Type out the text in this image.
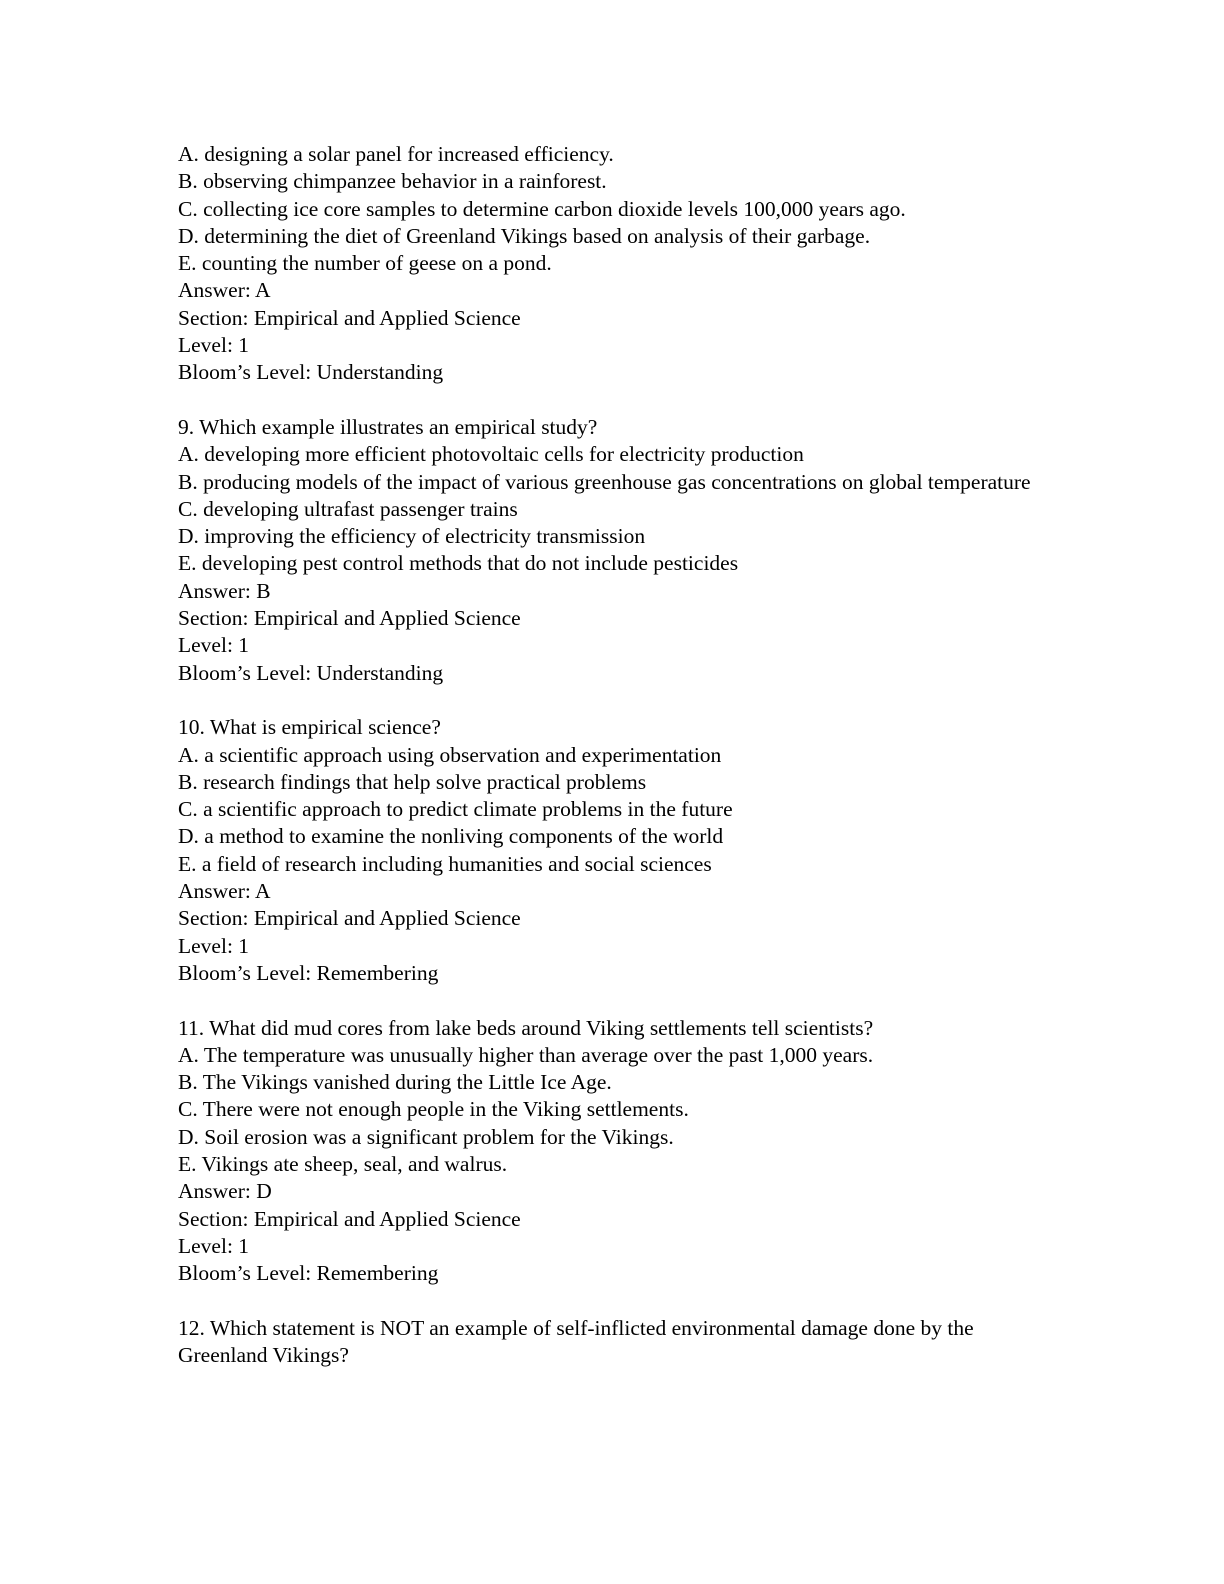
A. designing a solar panel for increased efficiency.

B. observing chimpanzee behavior in a rainforest.

C. collecting ice core samples to determine carbon dioxide levels 100,000 years ago.

D. determining the diet of Greenland Vikings based on analysis of their garbage.

E. counting the number of geese on a pond.

Answer: A

Section: Empirical and Applied Science

Level: 1

Bloom’s Level: Understanding

9. Which example illustrates an empirical study?

A. developing more efficient photovoltaic cells for electricity production

B. producing models of the impact of various greenhouse gas concentrations on global temperature

C. developing ultrafast passenger trains

D. improving the efficiency of electricity transmission

E. developing pest control methods that do not include pesticides

Answer: B

Section: Empirical and Applied Science

Level: 1

Bloom’s Level: Understanding

10. What is empirical science?

A. a scientific approach using observation and experimentation

B. research findings that help solve practical problems

C. a scientific approach to predict climate problems in the future

D. a method to examine the nonliving components of the world

E. a field of research including humanities and social sciences

Answer: A

Section: Empirical and Applied Science

Level: 1

Bloom’s Level: Remembering

11. What did mud cores from lake beds around Viking settlements tell scientists?

A. The temperature was unusually higher than average over the past 1,000 years.

B. The Vikings vanished during the Little Ice Age.

C. There were not enough people in the Viking settlements.

D. Soil erosion was a significant problem for the Vikings.

E. Vikings ate sheep, seal, and walrus.

Answer: D

Section: Empirical and Applied Science

Level: 1

Bloom’s Level: Remembering

12. Which statement is NOT an example of self-inflicted environmental damage done by the Greenland Vikings?
